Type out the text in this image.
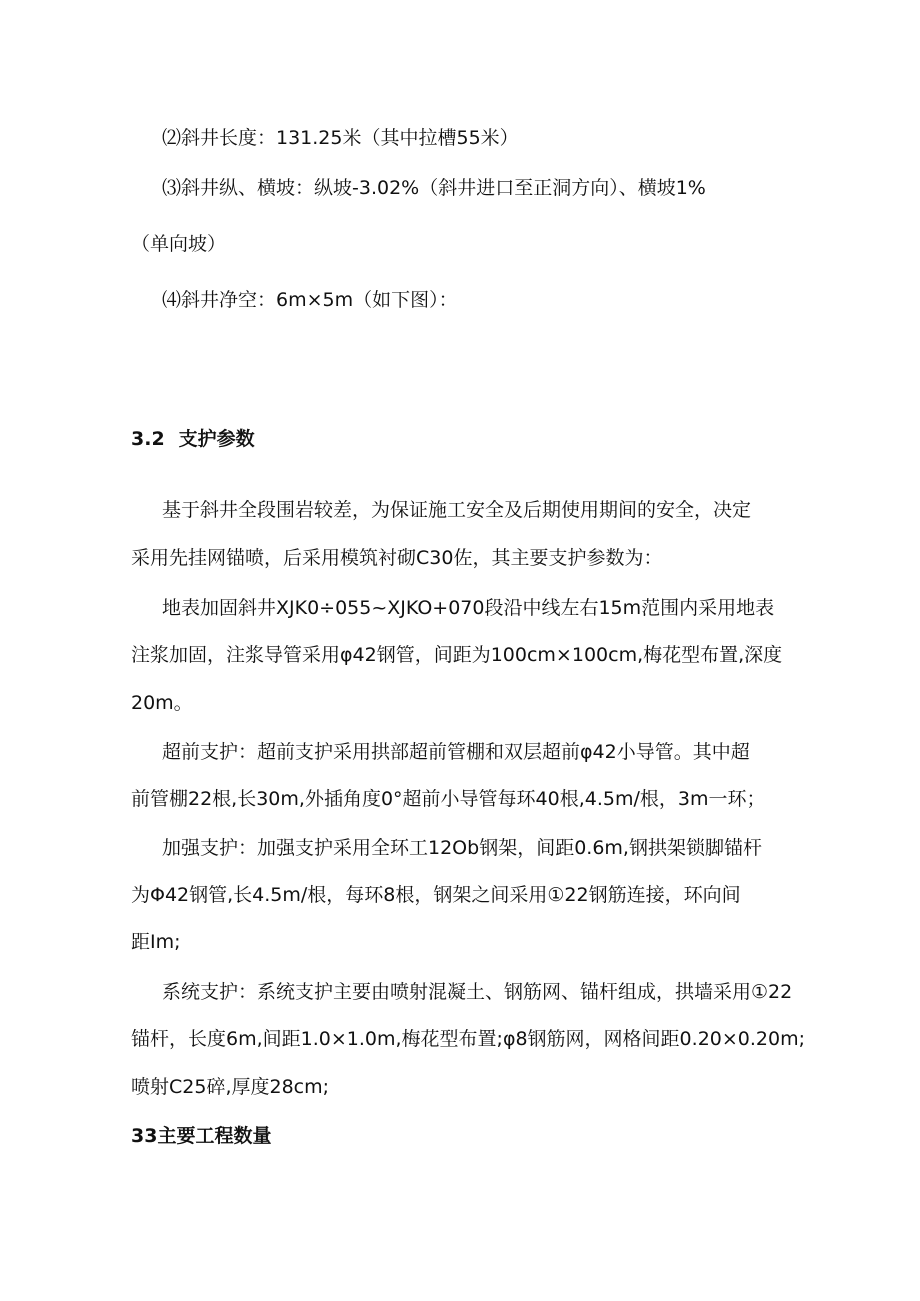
⑵斜井长度：131.25米（其中拉槽55米）
⑶斜井纵、横坡：纵坡-3.02%（斜井进口至正洞方向）、横坡1%
（单向坡）
⑷斜井净空：6m×5m（如下图）：
3.2 支护参数
基于斜井全段围岩较差，为保证施工安全及后期使用期间的安全，决定
采用先挂网锚喷，后采用模筑衬砌C30佐，其主要支护参数为：
地表加固斜井XJK0÷055~XJKO+070段沿中线左右15m范围内采用地表
注浆加固，注浆导管采用φ42钢管，间距为100cm×100cm,梅花型布置,深度
20m。
超前支护：超前支护采用拱部超前管棚和双层超前φ42小导管。其中超
前管棚22根,长30m,外插角度0°超前小导管每环40根,4.5m∕根，3m一环；
加强支护：加强支护采用全环工12Ob钢架，间距0.6m,钢拱架锁脚锚杆
为Φ42钢管,长4.5m∕根，每环8根，钢架之间采用①22钢筋连接，环向间
距Im;
系统支护：系统支护主要由喷射混凝土、钢筋网、锚杆组成，拱墙采用①22
锚杆，长度6m,间距1.0×1.0m,梅花型布置;φ8钢筋网，网格间距0.20×0.20m;
喷射C25碎,厚度28cm;
33主要工程数量
